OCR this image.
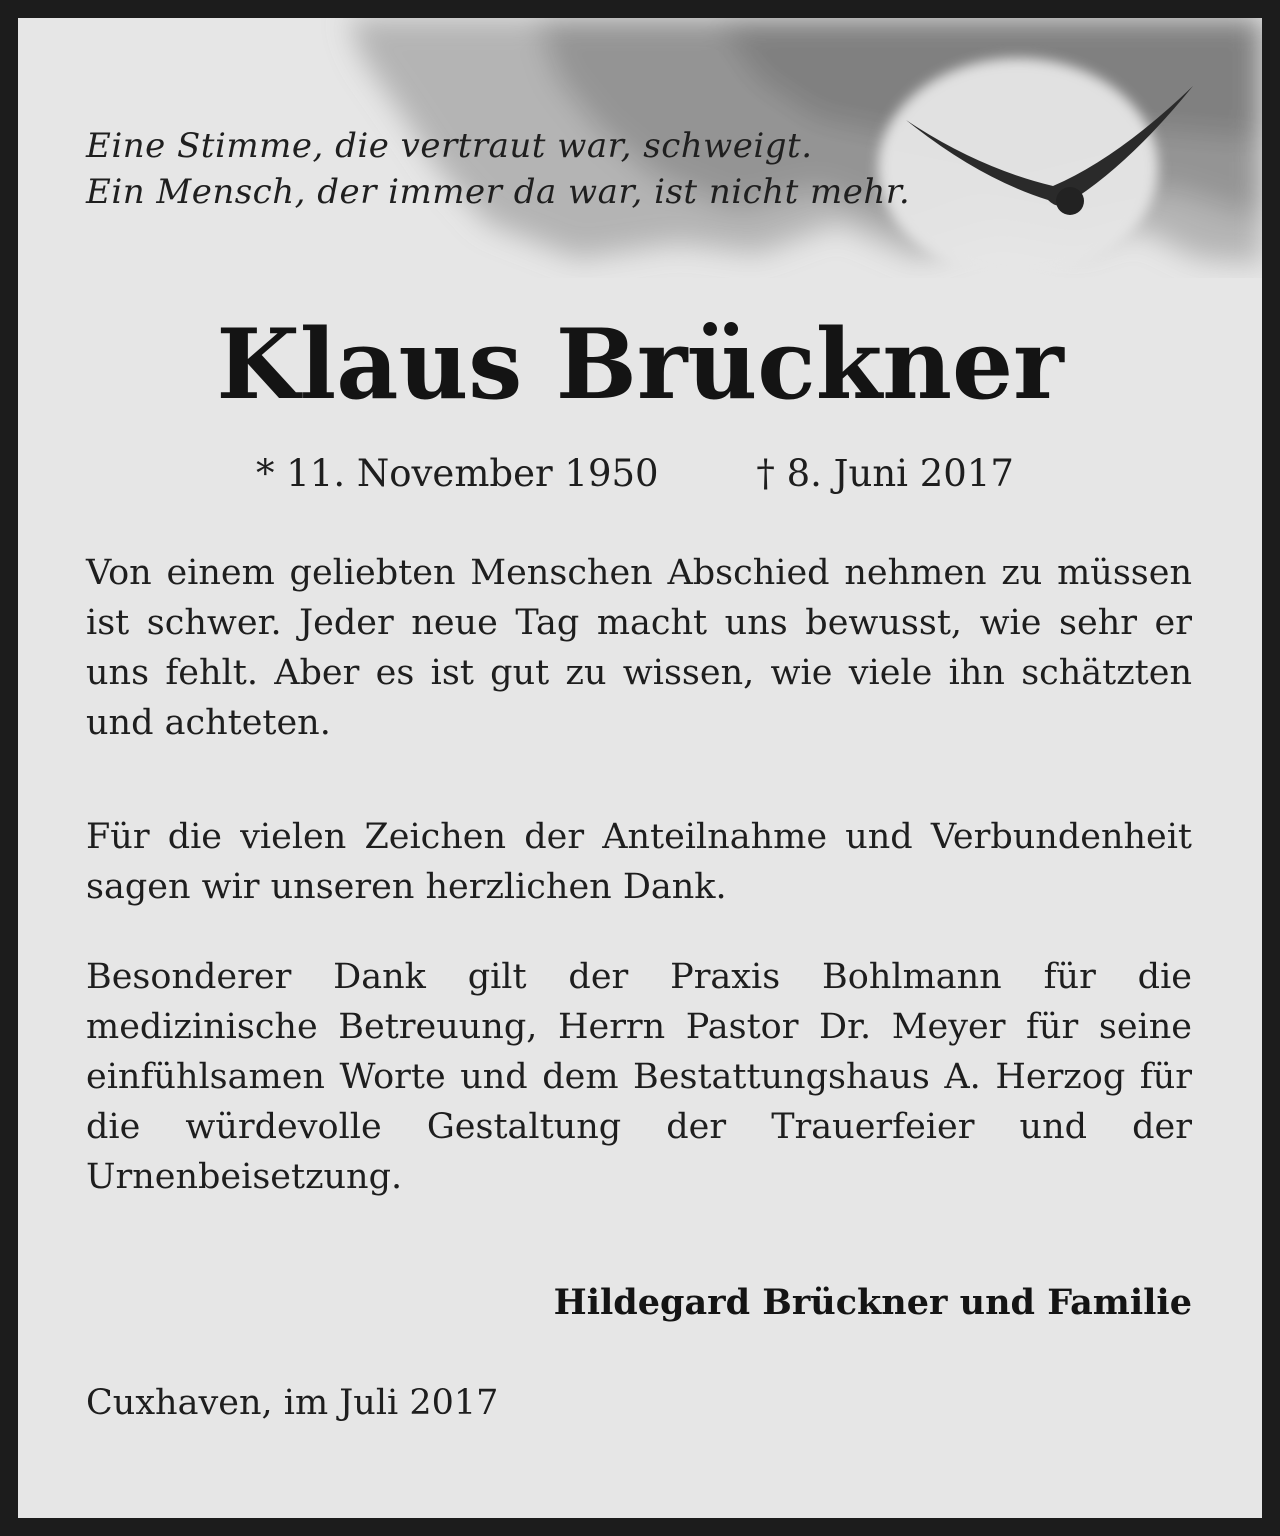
Eine Stimme, die vertraut war, schweigt.
Ein Mensch, der immer da war, ist nicht mehr.

Klaus Brückner
* 11. November 1950	† 8. Juni 2017

Von einem geliebten Menschen Abschied nehmen zu müssen ist schwer. Jeder neue Tag macht uns bewusst, wie sehr er uns fehlt. Aber es ist gut zu wissen, wie viele ihn schätzten und achteten.

Für die vielen Zeichen der Anteilnahme und Verbundenheit sagen wir unseren herzlichen Dank.

Besonderer Dank gilt der Praxis Bohlmann für die medizinische Betreuung, Herrn Pastor Dr. Meyer für seine einfühlsamen Worte und dem Bestattungshaus A. Herzog für die würdevolle Gestaltung der Trauerfeier und der Urnenbeisetzung.

Hildegard Brückner und Familie

Cuxhaven, im Juli 2017
